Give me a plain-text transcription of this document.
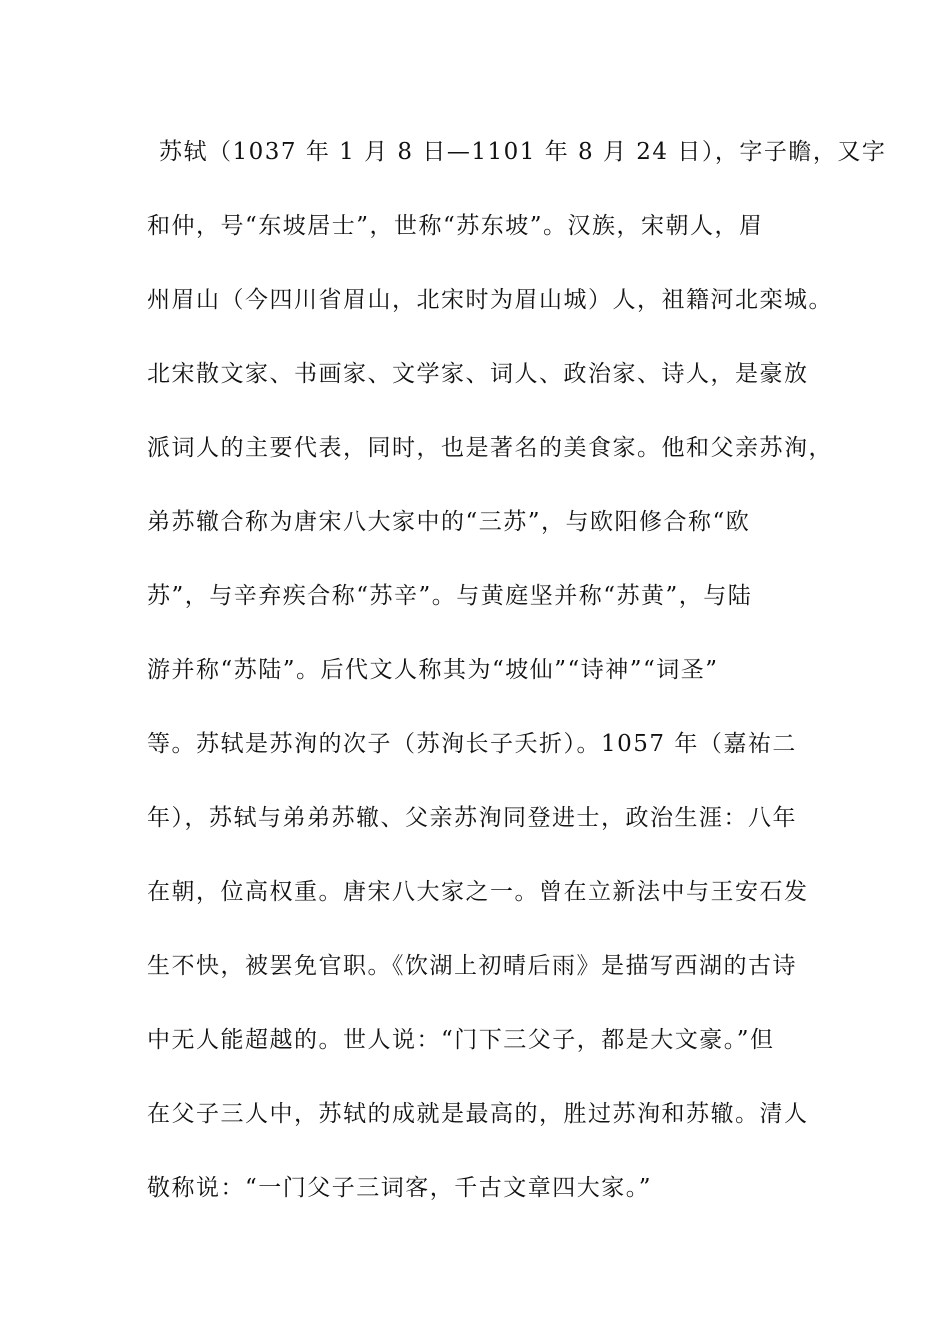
苏轼（1037 年 1 月 8 日—1101 年 8 月 24 日），字子瞻，又字
和仲，号“东坡居士”，世称“苏东坡”。汉族，宋朝人，眉
州眉山（今四川省眉山，北宋时为眉山城）人，祖籍河北栾城。
北宋散文家、书画家、文学家、词人、政治家、诗人，是豪放
派词人的主要代表，同时，也是著名的美食家。他和父亲苏洵，
弟苏辙合称为唐宋八大家中的“三苏”，与欧阳修合称“欧
苏”，与辛弃疾合称“苏辛”。与黄庭坚并称“苏黄”，与陆
游并称“苏陆”。后代文人称其为“坡仙”“诗神”“词圣”
等。苏轼是苏洵的次子（苏洵长子夭折）。1057 年（嘉祐二
年），苏轼与弟弟苏辙、父亲苏洵同登进士，政治生涯：八年
在朝，位高权重。唐宋八大家之一。曾在立新法中与王安石发
生不快，被罢免官职。《饮湖上初晴后雨》是描写西湖的古诗
中无人能超越的。世人说：“门下三父子，都是大文豪。”但
在父子三人中，苏轼的成就是最高的，胜过苏洵和苏辙。清人
敬称说：“一门父子三词客，千古文章四大家。”
